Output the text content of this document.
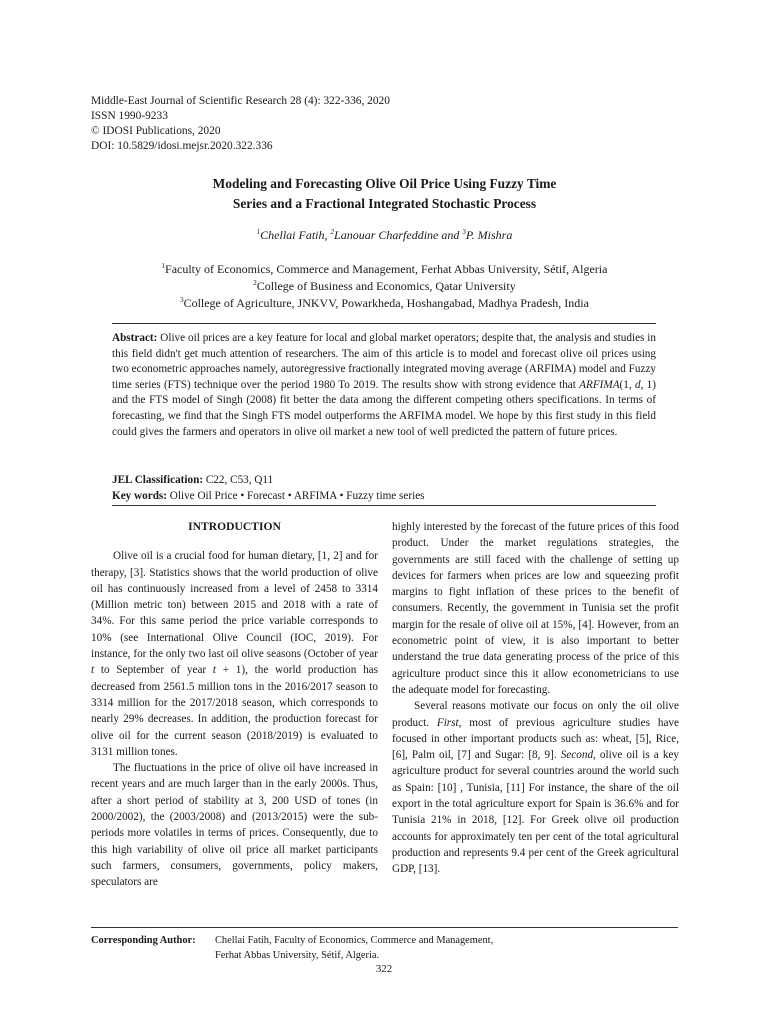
Middle-East Journal of Scientific Research 28 (4): 322-336, 2020
ISSN 1990-9233
© IDOSI Publications, 2020
DOI: 10.5829/idosi.mejsr.2020.322.336
Modeling and Forecasting Olive Oil Price Using Fuzzy Time
Series and a Fractional Integrated Stochastic Process
$^1$Chellai Fatih, $^2$Lanouar Charfeddine and $^3$P. Mishra
$^1$Faculty of Economics, Commerce and Management, Ferhat Abbas University, Sétif, Algeria
$^2$College of Business and Economics, Qatar University
$^3$College of Agriculture, JNKVV, Powarkheda, Hoshangabad, Madhya Pradesh, India
Abstract: Olive oil prices are a key feature for local and global market operators; despite that, the analysis and studies in this field didn't get much attention of researchers. The aim of this article is to model and forecast olive oil prices using two econometric approaches namely, autoregressive fractionally integrated moving average (ARFIMA) model and Fuzzy time series (FTS) technique over the period 1980 To 2019. The results show with strong evidence that ARFIMA(1, d, 1) and the FTS model of Singh (2008) fit better the data among the different competing others specifications. In terms of forecasting, we find that the Singh FTS model outperforms the ARFIMA model. We hope by this first study in this field could gives the farmers and operators in olive oil market a new tool of well predicted the pattern of future prices.
JEL Classification: C22, C53, Q11
Key words: Olive Oil Price • Forecast • ARFIMA • Fuzzy time series
INTRODUCTION

Olive oil is a crucial food for human dietary, [1, 2] and for therapy, [3]. Statistics shows that the world production of olive oil has continuously increased from a level of 2458 to 3314 (Million metric ton) between 2015 and 2018 with a rate of 34%. For this same period the price variable corresponds to 10% (see International Olive Council (IOC, 2019). For instance, for the only two last oil olive seasons (October of year t to September of year t + 1), the world production has decreased from 2561.5 million tons in the 2016/2017 season to 3314 million for the 2017/2018 season, which corresponds to nearly 29% decreases. In addition, the production forecast for olive oil for the current season (2018/2019) is evaluated to 3131 million tones.

The fluctuations in the price of olive oil have increased in recent years and are much larger than in the early 2000s. Thus, after a short period of stability at 3, 200 USD of tones (in 2000/2002), the (2003/2008) and (2013/2015) were the sub-periods more volatiles in terms of prices. Consequently, due to this high variability of olive oil price all market participants such farmers, consumers, governments, policy makers, speculators are

highly interested by the forecast of the future prices of this food product. Under the market regulations strategies, the governments are still faced with the challenge of setting up devices for farmers when prices are low and squeezing profit margins to fight inflation of these prices to the benefit of consumers. Recently, the government in Tunisia set the profit margin for the resale of olive oil at 15%, [4]. However, from an econometric point of view, it is also important to better understand the true data generating process of the price of this agriculture product since this it allow econometricians to use the adequate model for forecasting.

Several reasons motivate our focus on only the oil olive product. First, most of previous agriculture studies have focused in other important products such as: wheat, [5], Rice, [6], Palm oil, [7] and Sugar: [8, 9]. Second, olive oil is a key agriculture product for several countries around the world such as Spain: [10] , Tunisia, [11] For instance, the share of the oil export in the total agriculture export for Spain is 36.6% and for Tunisia 21% in 2018, [12]. For Greek olive oil production accounts for approximately ten per cent of the total agricultural production and represents 9.4 per cent of the Greek agricultural GDP, [13].

Corresponding Author: Chellai Fatih, Faculty of Economics, Commerce and Management,
Ferhat Abbas University, Sétif, Algeria.
322
